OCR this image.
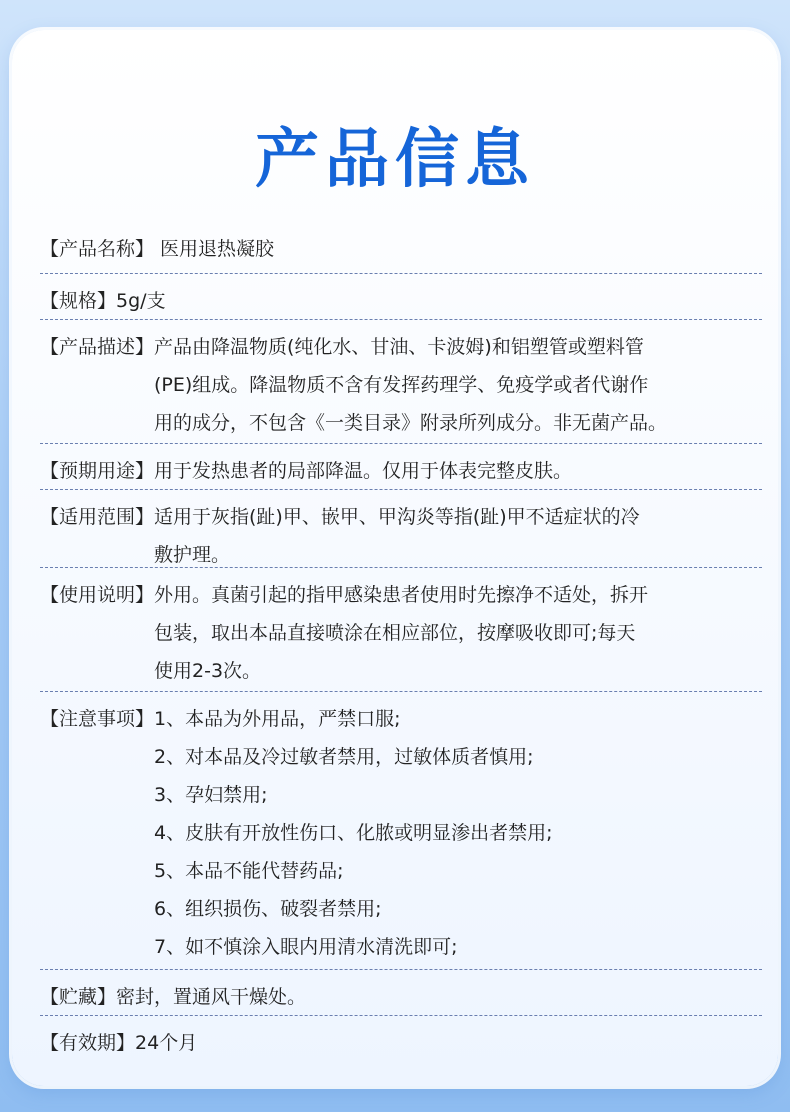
产品信息
【产品名称】 医用退热凝胶
【规格】 5g/支
【产品描述】 产品由降温物质(纯化水、甘油、卡波姆)和铝塑管或塑料管
(PE)组成。降温物质不含有发挥药理学、免疫学或者代谢作
用的成分，不包含《一类目录》附录所列成分。非无菌产品。
【预期用途】 用于发热患者的局部降温。仅用于体表完整皮肤。
【适用范围】 适用于灰指(趾)甲、嵌甲、甲沟炎等指(趾)甲不适症状的冷
敷护理。
【使用说明】 外用。真菌引起的指甲感染患者使用时先擦净不适处，拆开
包装，取出本品直接喷涂在相应部位，按摩吸收即可;每天
使用2-3次。
【注意事项】 1、本品为外用品，严禁口服;
2、对本品及冷过敏者禁用，过敏体质者慎用;
3、孕妇禁用;
4、皮肤有开放性伤口、化脓或明显渗出者禁用;
5、本品不能代替药品;
6、组织损伤、破裂者禁用;
7、如不慎涂入眼内用清水清洗即可;
【贮藏】 密封，置通风干燥处。
【有效期】 24个月
